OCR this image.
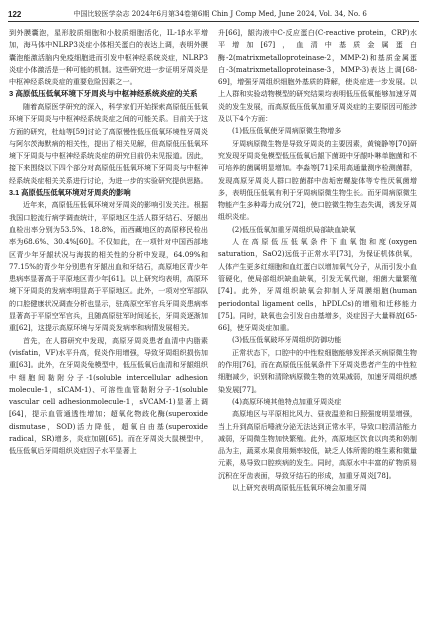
122	中国比较医学杂志 2024年6月第34卷第6期 Chin J Comp Med, June 2024, Vol. 34, No. 6

到外膜囊泡，星形胶质细胞和小胶质细胞活化，IL-1β水平增加，海马体中NLRP3炎症小体相关蛋白的表达上调，表明外膜囊泡能激活脑内免疫细胞进而引发中枢神经系统炎症，NLRP3炎症小体激活是一种可能的机制。这些研究进一步证明牙周炎是中枢神经系统炎症的重要危险因素之一。

3 高原低压低氧环境下牙周炎与中枢神经系统炎症的关系

随着高原医学研究的深入，科学家们开始探索高原低压低氧环境下牙周炎与中枢神经系统炎症之间的可能关系。目前关于这方面的研究，杜灿等[59]讨论了高原慢性低压低氧环境性牙周炎与阿尔茨海默病的相关性，提出了相关见解，但高原低压低氧环境下牙周炎与中枢神经系统炎症的研究目前仍未见报道。因此，接下来围绕以下四个部分对高原低压低氧环境下牙周炎与中枢神经系统炎症相关关系进行讨论，为进一步的实验研究提供思路。

3.1 高原低压低氧环境对牙周炎的影响

近年来，高原低压低氧环境对牙周炎的影响引发关注。根据我国口腔流行病学调查统计，平原地区生活人群牙结石、牙龈出血检出率分别为53.5%、18.8%，而西藏地区的高原移民检出率为68.6%、30.4%[60]。不仅如此，在一项针对中国西部地区青少年牙龈状况与海拔的相关性的分析中发现，64.09%和77.15%的青少年分别患有牙龈出血和牙结石，高原地区青少年患病率显著高于平原地区青少年[61]。以上研究均表明，高原环境下牙周炎的发病率明显高于平原地区。此外，一项对空军部队的口腔健康状况调查分析也显示，驻高原空军官兵牙周炎患病率显著高于平原空军官兵，且随高原驻军时间延长，牙周炎逐渐加重[62]，这提示高原环境与牙周炎发病率和病情发展相关。

首先，在人群研究中发现，高原牙周炎患者血清中内脂素(visfatin，VF)水平升高，促炎作用增强，导致牙周组织损伤加重[63]。此外，在牙周炎兔模型中，低压低氧后血清和牙龈组织中细胞间黏附分子-1(soluble intercellular adhesion molecule-1，sICAM-1)、可溶性血管黏附分子-1(soluble vascular cell adhesionmolecule-1，sVCAM-1)显著上调[64]，提示血管通透性增加；超氧化物歧化酶(superoxide dismutase，SOD)活力降低，超氧自由基(superoxide radical，SR)增多，炎症加剧[65]。而在牙周炎大鼠模型中，低压低氧后牙周组织炎症因子水平显著上

升[66]，龈沟液中C-反应蛋白(C-reactive protein，CRP)水平增加[67]，血清中基质金属蛋白酶-2(matrixmetalloproteinase-2，MMP-2)和基质金属蛋白-3(matrixmetalloproteinase-3，MMP-3)表达上调[68-69]，增强牙周组织细胞外基质的降解，使炎症进一步发展。以上人群和实验动物模型的研究结果均表明低压低氧能够加速牙周炎的发生发展，而高原低压低氧加重牙周炎症的主要原因可能涉及以下4个方面：

(1)低压低氧使牙周病原微生物增多

牙周病原微生物是导致牙周炎的主要因素，黄镜静等[70]研究发现牙周炎兔模型低压低氧后龈下菌斑中牙龈卟啉单胞菌和不可培养的菌属明显增加。李淼等[71]采用高通量测序检测菌群，发现高原牙周炎人群口腔菌群中齿垢密螺旋体等专性厌氧菌增多，表明低压低氧有利于牙周病原微生物生长。而牙周病原微生物能产生多种毒力成分[72]，使口腔微生物生态失调，诱发牙周组织炎症。

(2)低压低氧加重牙周组织局部缺血缺氧

人在高原低压低氧条件下血氧饱和度(oxygen saturation，SaO2)远低于正常水平[73]，为保证机体供氧，人体产生更多红细胞和血红蛋白以增加氧气分子，从而引发小血管硬化，使局部组织缺血缺氧，引发无氧代谢，细菌大量繁殖[74]。此外，牙周组织缺氧会抑制人牙周膜细胞(human periodontal ligament cells，hPDLCs)的增殖和迁移能力[75]。同时，缺氧也会引发自由基增多，炎症因子大量释放[65-66]，使牙周炎症加重。

(3)低压低氧破坏牙周组织防御功能

正常状态下，口腔中的中性粒细胞能够发挥杀灭病原微生物的作用[76]，而在高原低压低氧条件下牙周炎患者产生的中性粒细胞减少，识别和清除病原微生物的效果减弱，加速牙周组织感染发展[77]。

(4)高原环境其他特点加重牙周炎症

高原地区与平原相比风力、昼夜温差和日照强度明显增强，当上升到高原后唾液分泌无法达到正常水平，导致口腔清洁能力减弱，牙周微生物加快繁殖。此外，高原地区饮食以肉类和奶制品为主，蔬菜水果食用频率较低，缺乏人体所需的维生素和微量元素，易导致口腔疾病的发生。同时，高原水中丰富的矿物质易沉积在牙齿表面，导致牙结石的形成，加重牙周炎[78]。

以上研究表明高原低压低氧环境会加重牙周
